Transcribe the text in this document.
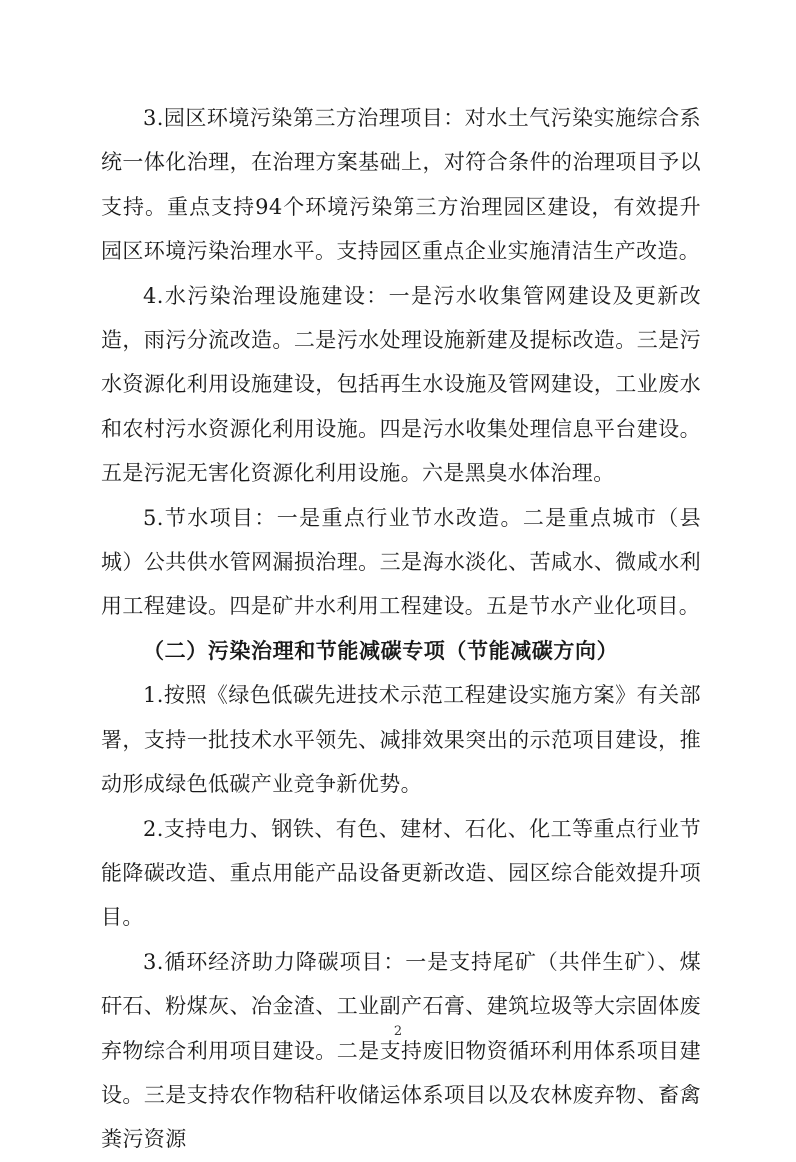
3.园区环境污染第三方治理项目：对水土气污染实施综合系统一体化治理，在治理方案基础上，对符合条件的治理项目予以支持。重点支持94个环境污染第三方治理园区建设，有效提升园区环境污染治理水平。支持园区重点企业实施清洁生产改造。

4.水污染治理设施建设：一是污水收集管网建设及更新改造，雨污分流改造。二是污水处理设施新建及提标改造。三是污水资源化利用设施建设，包括再生水设施及管网建设，工业废水和农村污水资源化利用设施。四是污水收集处理信息平台建设。五是污泥无害化资源化利用设施。六是黑臭水体治理。

5.节水项目：一是重点行业节水改造。二是重点城市（县城）公共供水管网漏损治理。三是海水淡化、苦咸水、微咸水利用工程建设。四是矿井水利用工程建设。五是节水产业化项目。

（二）污染治理和节能减碳专项（节能减碳方向）

1.按照《绿色低碳先进技术示范工程建设实施方案》有关部署，支持一批技术水平领先、减排效果突出的示范项目建设，推动形成绿色低碳产业竞争新优势。

2.支持电力、钢铁、有色、建材、石化、化工等重点行业节能降碳改造、重点用能产品设备更新改造、园区综合能效提升项目。

3.循环经济助力降碳项目：一是支持尾矿（共伴生矿）、煤矸石、粉煤灰、冶金渣、工业副产石膏、建筑垃圾等大宗固体废弃物综合利用项目建设。二是支持废旧物资循环利用体系项目建设。三是支持农作物秸秆收储运体系项目以及农林废弃物、畜禽粪污资源

2
